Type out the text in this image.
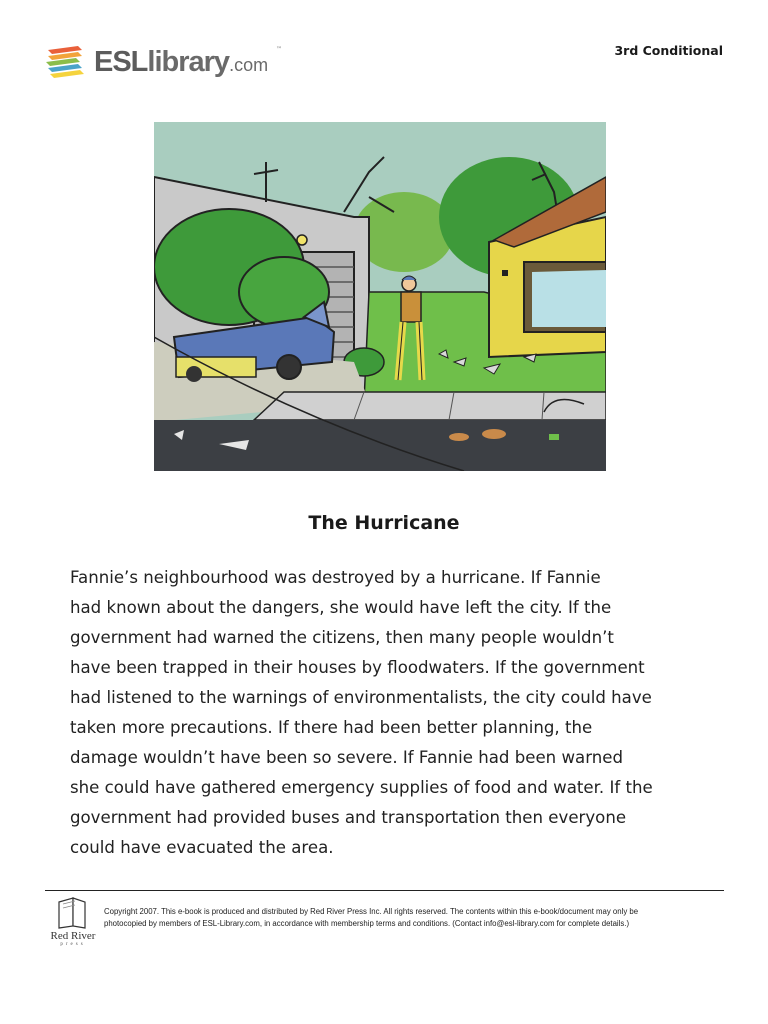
ESLlibrary.com
™	3rd Conditional
The Hurricane
Fannie’s neighbourhood was destroyed by a hurricane. If Fannie
had known about the dangers, she would have left the city. If the
government had warned the citizens, then many people wouldn’t
have been trapped in their houses by floodwaters. If the government
had listened to the warnings of environmentalists, the city could have
taken more precautions. If there had been better planning, the
damage wouldn’t have been so severe. If Fannie had been warned
she could have gathered emergency supplies of food and water. If the
government had provided buses and transportation then everyone
could have evacuated the area.
Red River
press
Copyright 2007. This e-book is produced and distributed by Red River Press Inc. All rights reserved. The contents within this e-book/document may only be
photocopied by members of ESL-Library.com, in accordance with membership terms and conditions. (Contact info@esl-library.com for complete details.)
